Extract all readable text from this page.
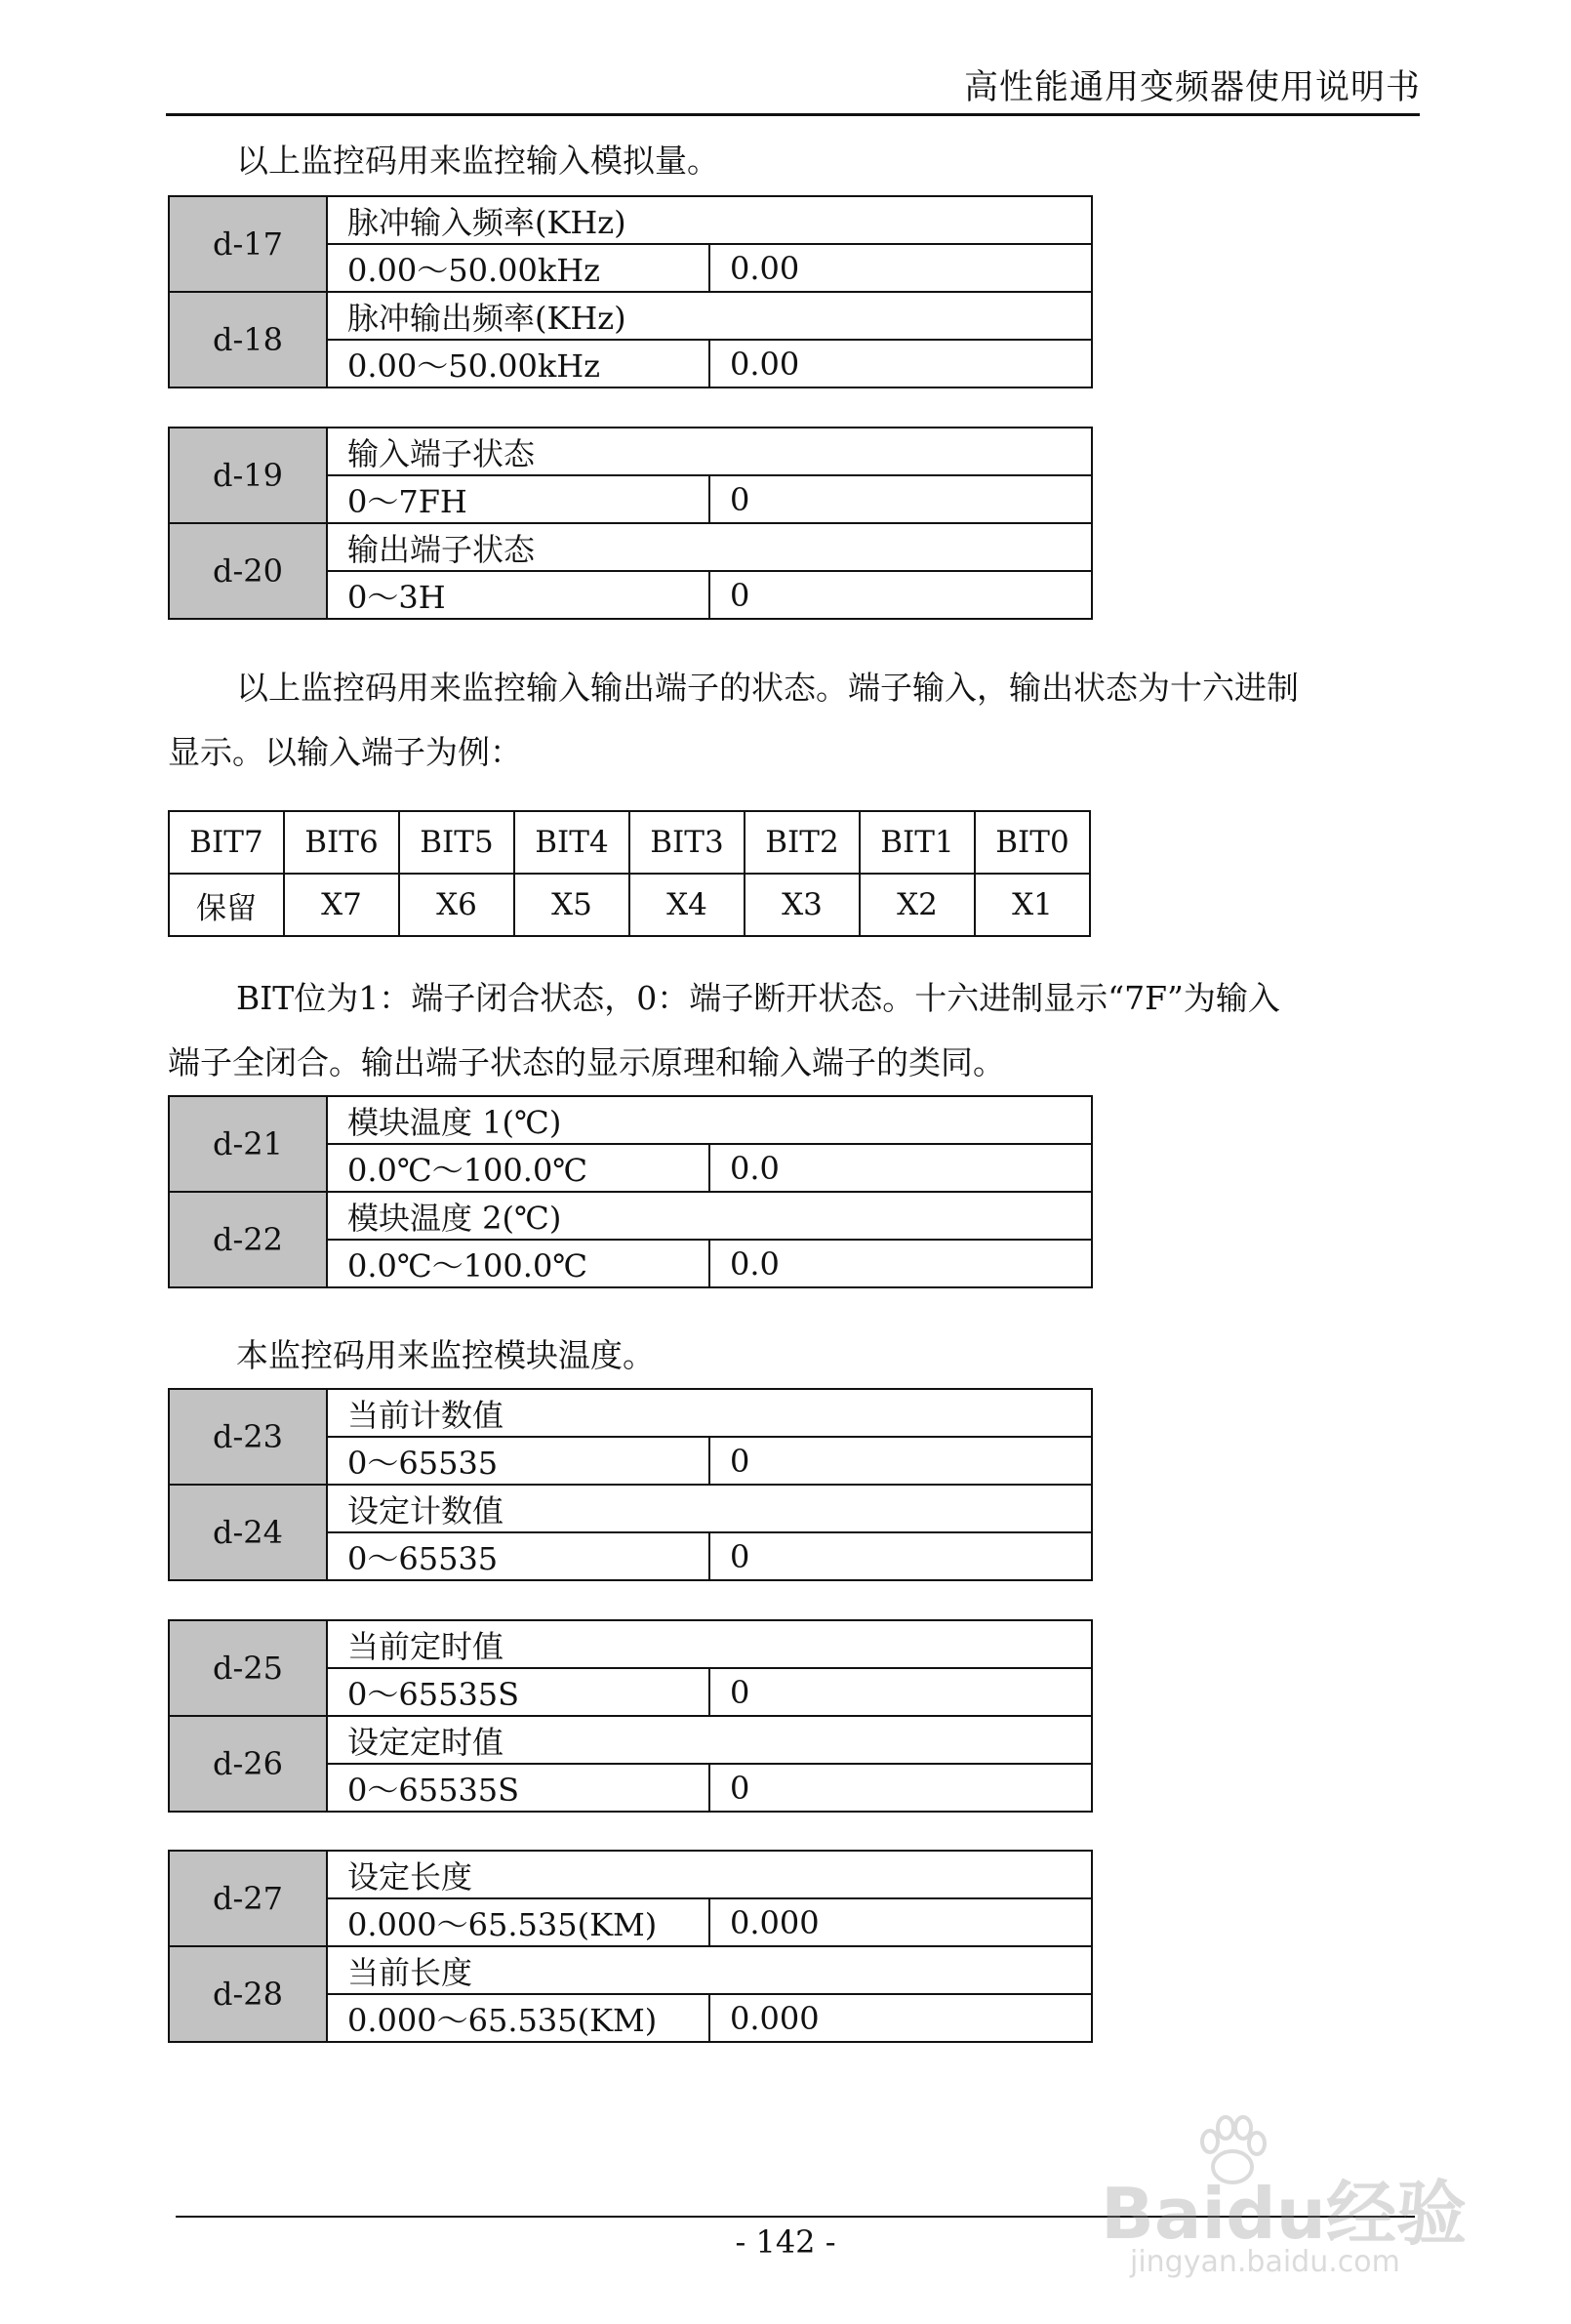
高性能通用变频器使用说明书
以上监控码用来监控输入模拟量。
d-17	脉冲输入频率(KHz)	
	0.00～50.00kHz	0.00
d-18	脉冲输出频率(KHz)	
	0.00～50.00kHz	0.00
d-19	输入端子状态	
	0～7FH	0
d-20	输出端子状态	
	0～3H	0
以上监控码用来监控输入输出端子的状态。端子输入，输出状态为十六进制
显示。以输入端子为例：
BIT7	BIT6	BIT5	BIT4	BIT3	BIT2	BIT1	BIT0
保留	X7	X6	X5	X4	X3	X2	X1
BIT位为1：端子闭合状态，0：端子断开状态。十六进制显示“7F”为输入
端子全闭合。输出端子状态的显示原理和输入端子的类同。
d-21	模块温度 1(℃)	
	0.0℃～100.0℃	0.0
d-22	模块温度 2(℃)	
	0.0℃～100.0℃	0.0
本监控码用来监控模块温度。
d-23	当前计数值	
	0～65535	0
d-24	设定计数值	
	0～65535	0
d-25	当前定时值	
	0～65535S	0
d-26	设定定时值	
	0～65535S	0
d-27	设定长度	
	0.000～65.535(KM)	0.000
d-28	当前长度	
	0.000～65.535(KM)	0.000
- 142 -	Baidu经验
jingyan.baidu.com
